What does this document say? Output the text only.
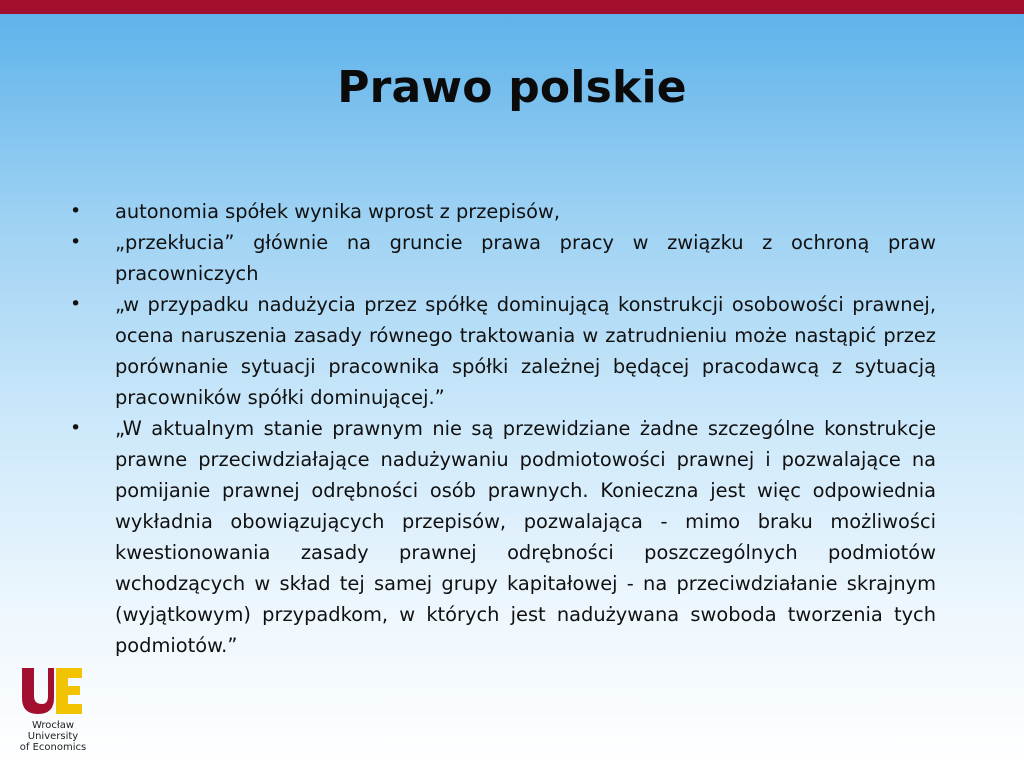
Prawo polskie
•	autonomia spółek wynika wprost z przepisów,
•	„przekłucia” głównie na gruncie prawa pracy w związku z ochroną praw pracowniczych
•	„w przypadku nadużycia przez spółkę dominującą konstrukcji osobowości prawnej, ocena naruszenia zasady równego traktowania w zatrudnieniu może nastąpić przez porównanie sytuacji pracownika spółki zależnej będącej pracodawcą z sytuacją pracowników spółki dominującej.”
•	„W aktualnym stanie prawnym nie są przewidziane żadne szczególne konstrukcje prawne przeciwdziałające nadużywaniu podmiotowości prawnej i pozwalające na pomijanie prawnej odrębności osób prawnych. Konieczna jest więc odpowiednia wykładnia obowiązujących przepisów, pozwalająca - mimo braku możliwości kwestionowania zasady prawnej odrębności poszczególnych podmiotów wchodzących w skład tej samej grupy kapitałowej - na przeciwdziałanie skrajnym (wyjątkowym) przypadkom, w których jest nadużywana swoboda tworzenia tych podmiotów.”
Wrocław
University
of Economics
